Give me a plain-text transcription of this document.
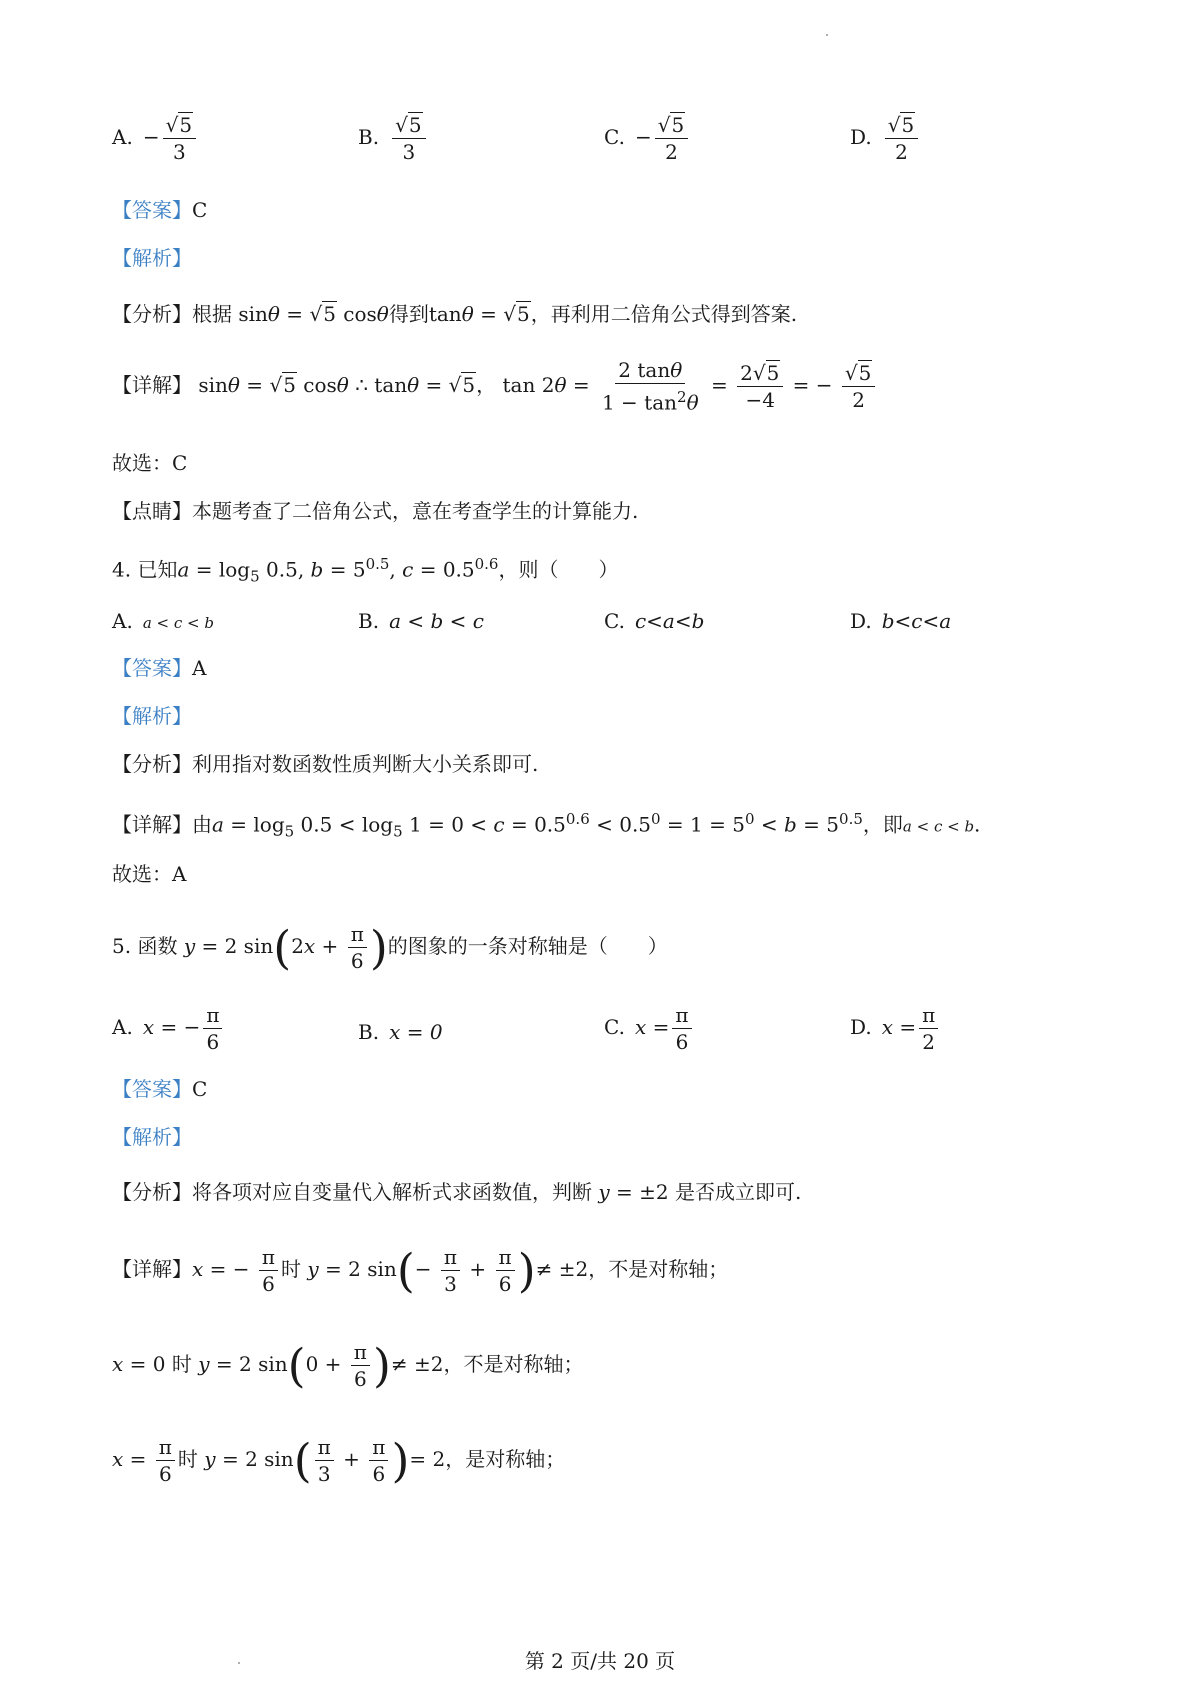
A. − $\frac{√5}{3}$	B. $\frac{√5}{3}$	C. − $\frac{√5}{2}$	D. $\frac{√5}{2}$
【答案】C
【解析】
【分析】根据 sinθ = √5 cosθ得到tanθ = √5，再利用二倍角公式得到答案.
【详解】 sinθ = √5 cosθ ∴ tanθ = √5， $\tan 2\theta = \frac{2 \tan\theta}{1 - \tan^2\theta} = \frac{2√5}{-4}$ = − $\frac{√5}{2}$
故选：C
【点睛】本题考查了二倍角公式，意在考查学生的计算能力.
4. 已知$a = \log_5 0.5$, $b = 5^{0.5}$, $c = 0.5^{0.6}$，则（　　）
A. a < c < b	B. a < b < c	C. c<a<b	D. b<c<a
【答案】A
【解析】
【分析】利用指对数函数性质判断大小关系即可.
【详解】由$a = \log_5 0.5 < \log_5 1 = 0 < c = 0.5^{0.6} < 0.5^0 = 1 = 5^0 < b = 5^{0.5}$，即a < c < b.
故选：A
5. 函数 y = 2 $\sin(2x + \frac{\pi}{6}$ )的图象的一条对称轴是（　　）
A. x = − $\frac{\pi}{6}$	B. x = 0	C. $x = \frac{\pi}{6}$	D. $x = \frac{\pi}{2}$
【答案】C
【解析】
【分析】将各项对应自变量代入解析式求函数值，判断 y = ±2 是否成立即可.
【详解】x = − $\frac{\pi}{6}$ 时 y = 2 $\sin(- \frac{\pi}{3} + \frac{\pi}{6}$ )≠ ±2，不是对称轴；
x = 0 时 y = 2 $\sin(0 + \frac{\pi}{6}$ )≠ ±2，不是对称轴；
$x = \frac{\pi}{6}$ 时 y = 2 $\sin( \frac{\pi}{3} + \frac{\pi}{6}$ )= 2，是对称轴；
第 2 页/共 20 页
